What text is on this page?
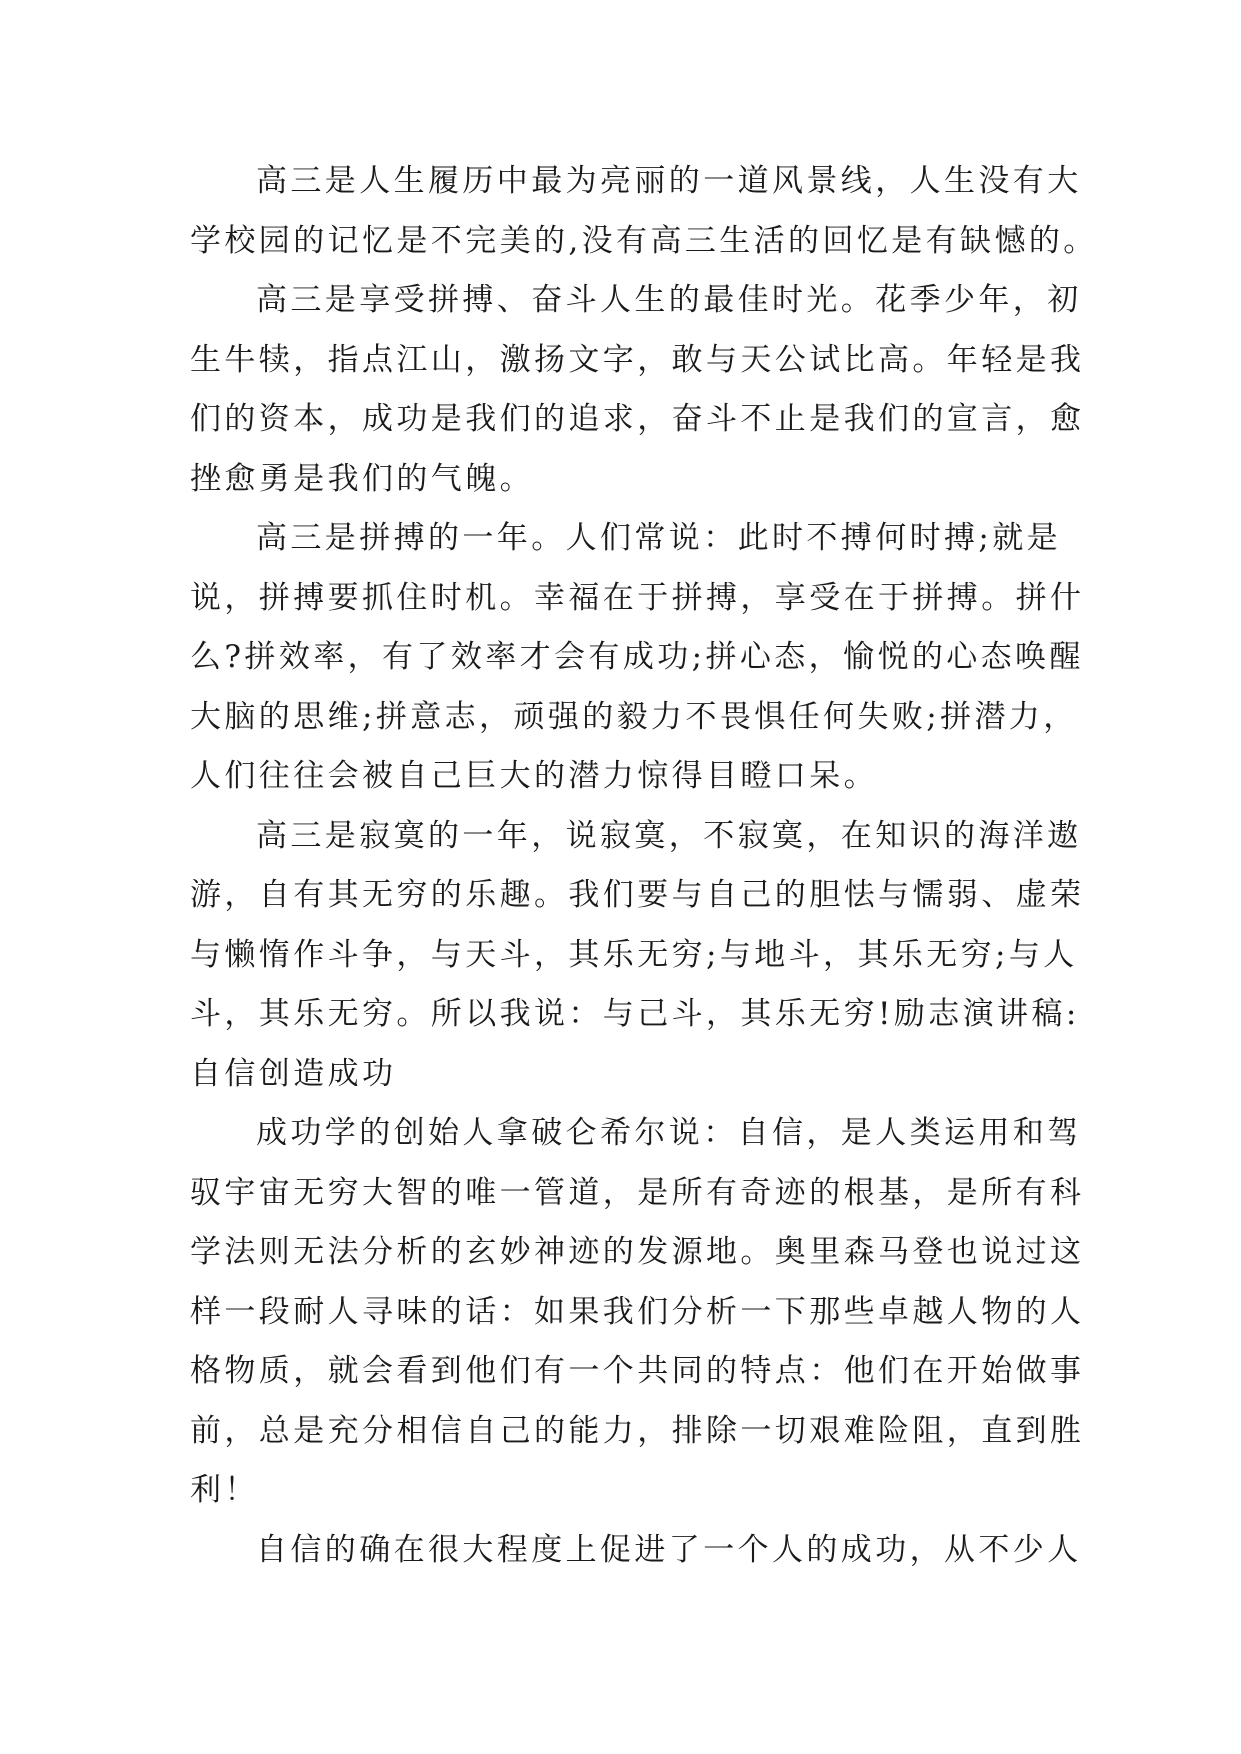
高三是人生履历中最为亮丽的一道风景线，人生没有大
学校园的记忆是不完美的,没有高三生活的回忆是有缺憾的。
高三是享受拼搏、奋斗人生的最佳时光。花季少年，初
生牛犊，指点江山，激扬文字，敢与天公试比高。年轻是我
们的资本，成功是我们的追求，奋斗不止是我们的宣言，愈
挫愈勇是我们的气魄。
高三是拼搏的一年。人们常说：此时不搏何时搏;就是
说，拼搏要抓住时机。幸福在于拼搏，享受在于拼搏。拼什
么?拼效率，有了效率才会有成功;拼心态，愉悦的心态唤醒
大脑的思维;拼意志，顽强的毅力不畏惧任何失败;拼潜力，
人们往往会被自己巨大的潜力惊得目瞪口呆。
高三是寂寞的一年，说寂寞，不寂寞，在知识的海洋遨
游，自有其无穷的乐趣。我们要与自己的胆怯与懦弱、虚荣
与懒惰作斗争，与天斗，其乐无穷;与地斗，其乐无穷;与人
斗，其乐无穷。所以我说：与己斗，其乐无穷!励志演讲稿:
自信创造成功
成功学的创始人拿破仑希尔说：自信，是人类运用和驾
驭宇宙无穷大智的唯一管道，是所有奇迹的根基，是所有科
学法则无法分析的玄妙神迹的发源地。奥里森马登也说过这
样一段耐人寻味的话：如果我们分析一下那些卓越人物的人
格物质，就会看到他们有一个共同的特点：他们在开始做事
前，总是充分相信自己的能力，排除一切艰难险阻，直到胜
利！
自信的确在很大程度上促进了一个人的成功，从不少人
